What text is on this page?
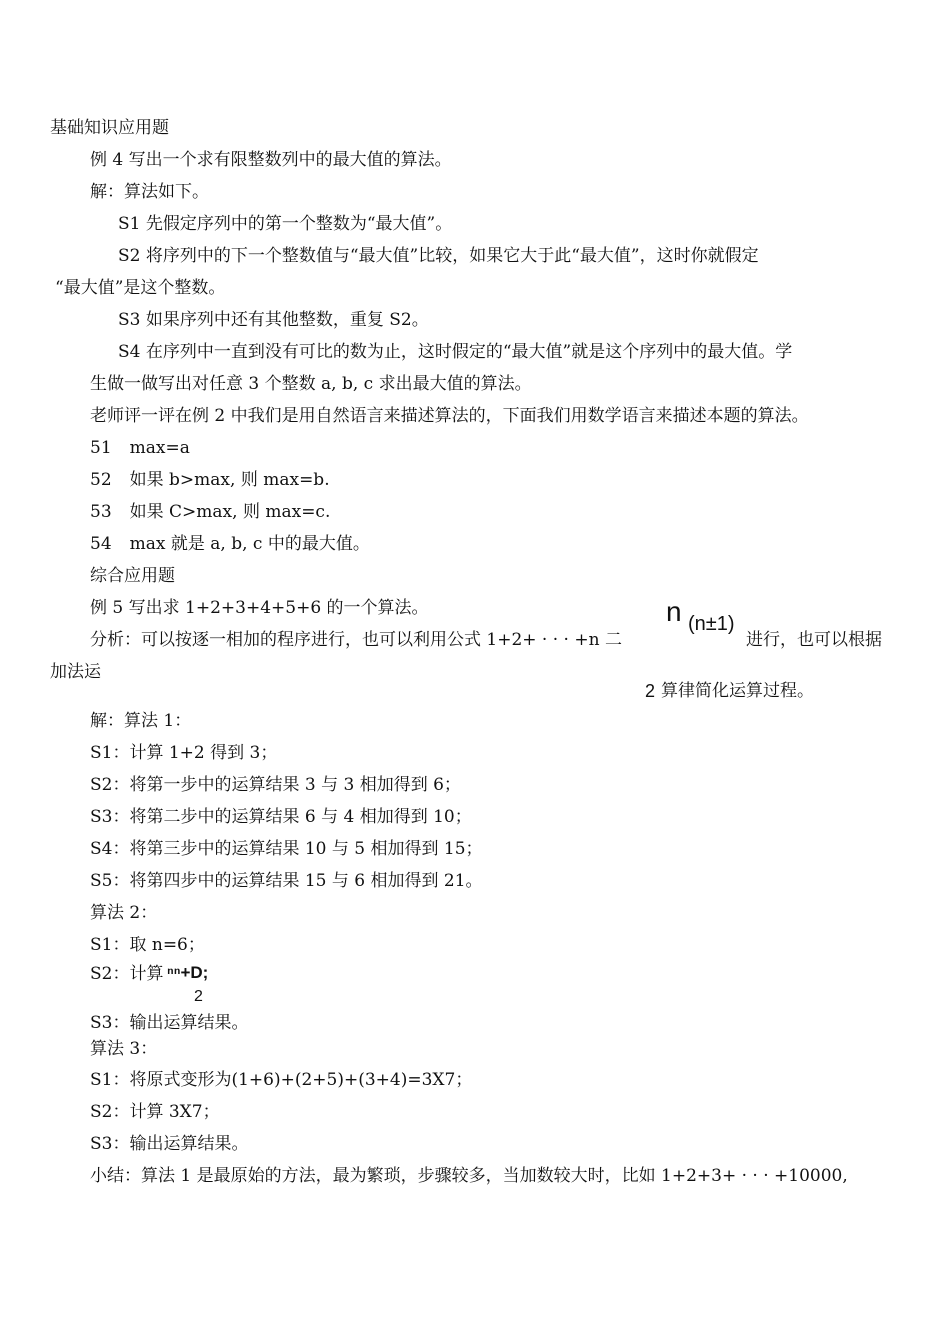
基础知识应用题
例 4 写出一个求有限整数列中的最大值的算法。
解：算法如下。
S1 先假定序列中的第一个整数为“最大值”。
S2 将序列中的下一个整数值与“最大值”比较，如果它大于此“最大值”，这时你就假定
“最大值”是这个整数。
S3 如果序列中还有其他整数，重复 S2。
S4 在序列中一直到没有可比的数为止，这时假定的“最大值”就是这个序列中的最大值。学
生做一做写出对任意 3 个整数 a, b, c 求出最大值的算法。
老师评一评在例 2 中我们是用自然语言来描述算法的，下面我们用数学语言来描述本题的算法。
51 max=a
52 如果 b>max, 则 max=b.
53 如果 C>max, 则 max=c.
54 max 就是 a, b, c 中的最大值。
综合应用题
例 5 写出求 1+2+3+4+5+6 的一个算法。
分析：可以按逐一相加的程序进行，也可以利用公式 1+2+ · · · +n 二
n (n±1)
进行，也可以根据
加法运
2 算律简化运算过程。
解：算法 1：
S1：计算 1+2 得到 3；
S2：将第一步中的运算结果 3 与 3 相加得到 6；
S3：将第二步中的运算结果 6 与 4 相加得到 10；
S4：将第三步中的运算结果 10 与 5 相加得到 15；
S5：将第四步中的运算结果 15 与 6 相加得到 21。
算法 2：
S1：取 n=6；
S2：计算 ⁿⁿ+D;
2
S3：输出运算结果。
算法 3：
S1：将原式变形为(1+6)+(2+5)+(3+4)=3X7；
S2：计算 3X7；
S3：输出运算结果。
小结：算法 1 是最原始的方法，最为繁琐，步骤较多，当加数较大时，比如 1+2+3+ · · · +10000,
